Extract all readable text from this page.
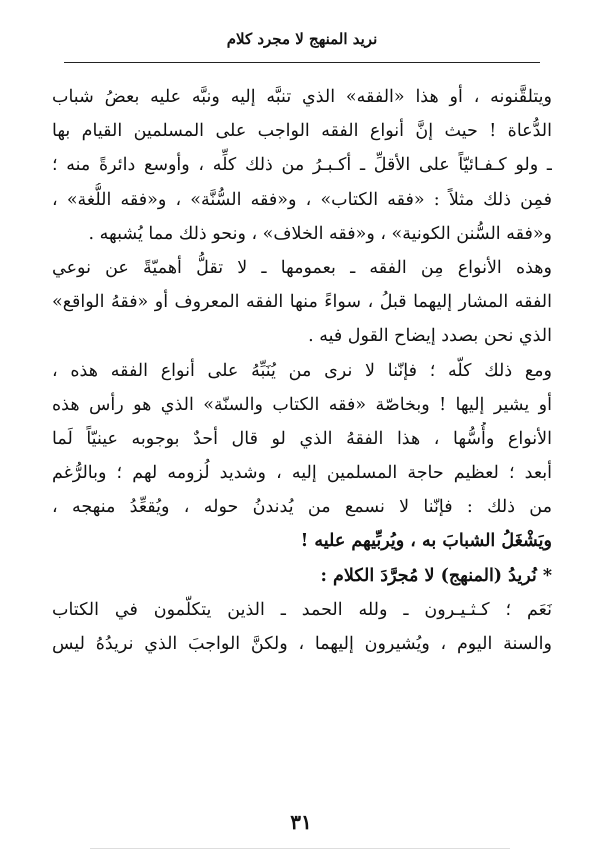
نريد المنهج لا مجرد كلام
ويتلقَّنونه ، أو هذا «الفقه» الذي تنبَّه إليه ونبَّه عليه بعضُ شباب
الدُّعاة ! حيث إنَّ أنواع الفقه الواجب على المسلمين القيام بها
ـ ولو كـفـائيّاً على الأقلِّ ـ أكـبـرُ من ذلك كلِّه ، وأوسع دائرةً منه ؛
فمِن ذلك مثلاً : «فقه الكتاب» ، و«فقه السُّنَّة» ، و«فقه اللُّغة» ،
و«فقه السُّنن الكونية» ، و«فقه الخلاف» ، ونحو ذلك مما يُشبهه .
وهذه الأنواع مِن الفقه ـ بعمومها ـ لا تقلُّ أهميّةً عن نوعي
الفقه المشار إليهما قبلُ ، سواءً منها الفقه المعروف أو «فقهُ الواقع»
الذي نحن بصدد إيضاح القول فيه .
ومع ذلك كلّه ؛ فإنّنا لا نرى من يُنَبِّهُ على أنواع الفقه هذه ،
أو يشير إليها ! وبخاصّة «فقه الكتاب والسنّة» الذي هو رأس هذه
الأنواع وأُسُّها ، هذا الفقهُ الذي لو قال أحدٌ بوجوبه عينيّاً لَما
أبعد ؛ لعظيم حاجة المسلمين إليه ، وشديد لُزومه لهم ؛ وبالرُّغم
من ذلك : فإنّنا لا نسمع من يُدندنُ حوله ، ويُقعِّدُ منهجه ،
ويَشْغَلُ الشبابَ به ، ويُربِّيهم عليه !
* نُريدُ (المنهج) لا مُجرَّدَ الكلام :
نَعَم ؛ كـثـيـرون ـ ولله الحمد ـ الذين يتكلّمون في الكتاب
والسنة اليوم ، ويُشيرون إليهما ، ولكنَّ الواجبَ الذي نريدُهُ ليس
٣١
